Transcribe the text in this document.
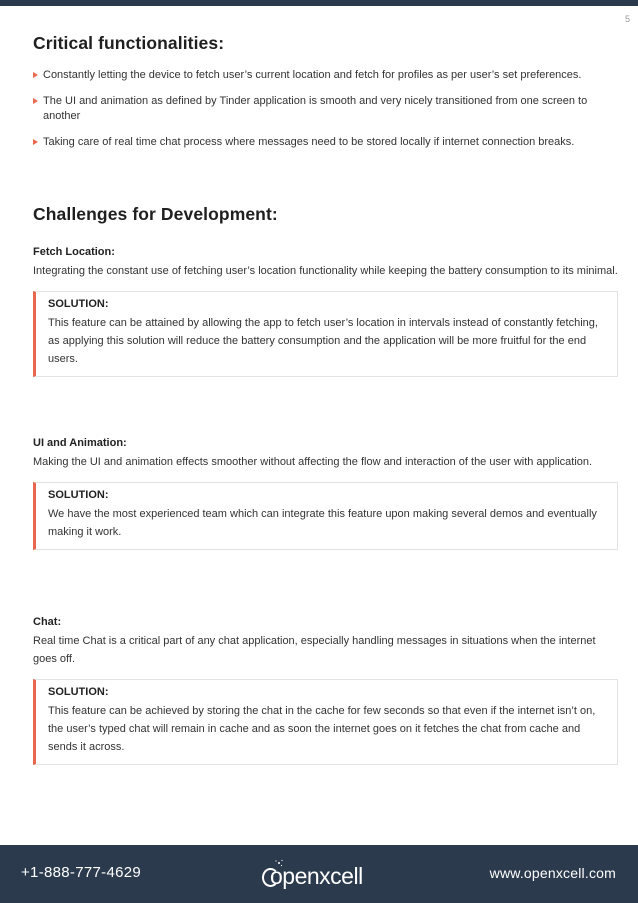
5
Critical functionalities:
Constantly letting the device to fetch user’s current location and fetch for profiles as per user’s set preferences.
The UI and animation as defined by Tinder application is smooth and very nicely transitioned from one screen to another
Taking care of real time chat process where messages need to be stored locally if internet connection breaks.
Challenges for Development:

Fetch Location:

Integrating the constant use of fetching user’s location functionality while keeping the battery consumption to its minimal.

SOLUTION:
This feature can be attained by allowing the app to fetch user’s location in intervals instead of constantly fetching, as applying this solution will reduce the battery consumption and the application will be more fruitful for the end users.

UI and Animation:

Making the UI and animation effects smoother without affecting the flow and interaction of the user with application.

SOLUTION:
We have the most experienced team which can integrate this feature upon making several demos and eventually making it work.

Chat:

Real time Chat is a critical part of any chat application, especially handling messages in situations when the internet goes off.

SOLUTION:
This feature can be achieved by storing the chat in the cache for few seconds so that even if the internet isn’t on, the user’s typed chat will remain in cache and as soon the internet goes on it fetches the chat from cache and sends it across.
+1-888-777-4629	openxcell	www.openxcell.com
